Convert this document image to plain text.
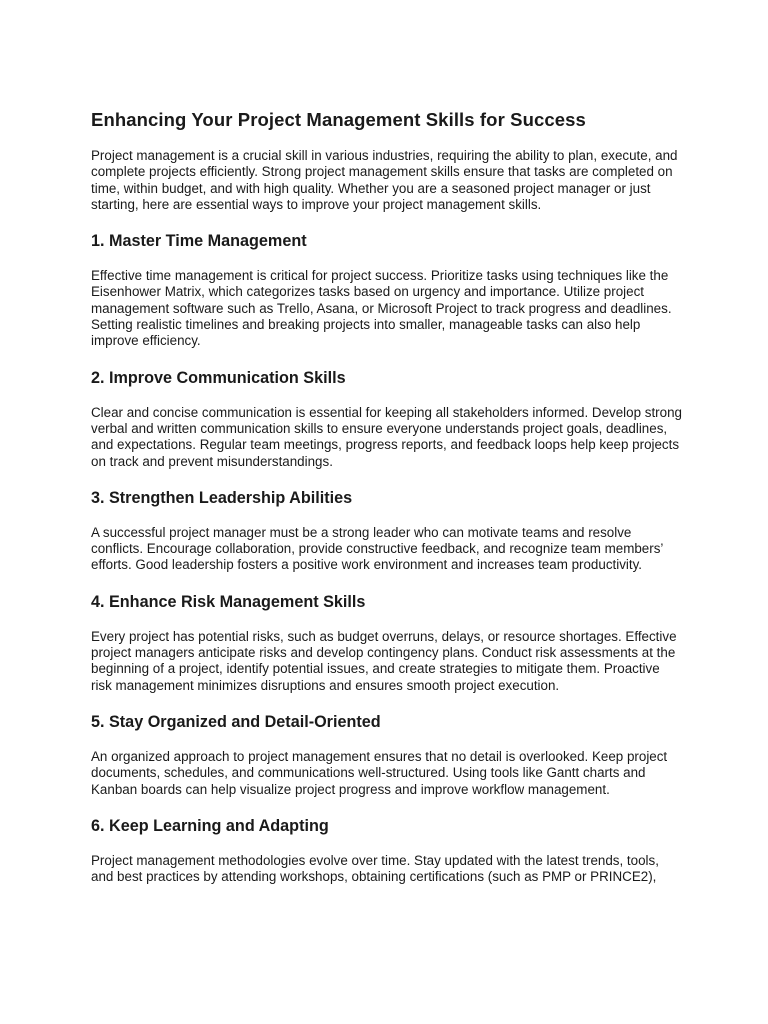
Enhancing Your Project Management Skills for Success

Project management is a crucial skill in various industries, requiring the ability to plan, execute, and complete projects efficiently. Strong project management skills ensure that tasks are completed on time, within budget, and with high quality. Whether you are a seasoned project manager or just starting, here are essential ways to improve your project management skills.

1. Master Time Management

Effective time management is critical for project success. Prioritize tasks using techniques like the Eisenhower Matrix, which categorizes tasks based on urgency and importance. Utilize project management software such as Trello, Asana, or Microsoft Project to track progress and deadlines. Setting realistic timelines and breaking projects into smaller, manageable tasks can also help improve efficiency.

2. Improve Communication Skills

Clear and concise communication is essential for keeping all stakeholders informed. Develop strong verbal and written communication skills to ensure everyone understands project goals, deadlines, and expectations. Regular team meetings, progress reports, and feedback loops help keep projects on track and prevent misunderstandings.

3. Strengthen Leadership Abilities

A successful project manager must be a strong leader who can motivate teams and resolve conflicts. Encourage collaboration, provide constructive feedback, and recognize team members’ efforts. Good leadership fosters a positive work environment and increases team productivity.

4. Enhance Risk Management Skills

Every project has potential risks, such as budget overruns, delays, or resource shortages. Effective project managers anticipate risks and develop contingency plans. Conduct risk assessments at the beginning of a project, identify potential issues, and create strategies to mitigate them. Proactive risk management minimizes disruptions and ensures smooth project execution.

5. Stay Organized and Detail-Oriented

An organized approach to project management ensures that no detail is overlooked. Keep project documents, schedules, and communications well-structured. Using tools like Gantt charts and Kanban boards can help visualize project progress and improve workflow management.

6. Keep Learning and Adapting

Project management methodologies evolve over time. Stay updated with the latest trends, tools, and best practices by attending workshops, obtaining certifications (such as PMP or PRINCE2),
